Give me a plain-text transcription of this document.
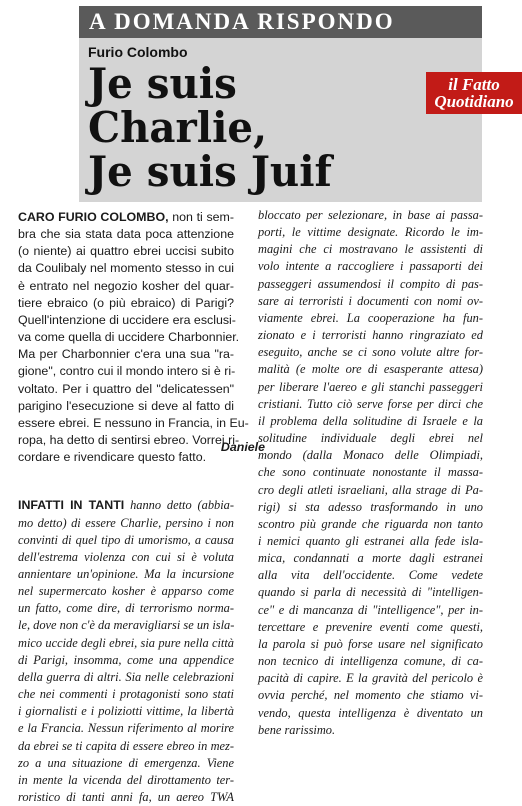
A DOMANDA RISPONDO
Furio Colombo
Je suis
Charlie,
Je suis Juif
il Fatto
Quotidiano
CARO FURIO COLOMBO, non ti sem-
bra che sia stata data poca attenzione
(o niente) ai quattro ebrei uccisi subito
da Coulibaly nel momento stesso in cui
è entrato nel negozio kosher del quar-
tiere ebraico (o più ebraico) di Parigi?
Quell'intenzione di uccidere era esclusi-
va come quella di uccidere Charbonnier.
Ma per Charbonnier c'era una sua "ra-
gione", contro cui il mondo intero si è ri-
voltato. Per i quattro del "delicatessen"
parigino l'esecuzione si deve al fatto di
essere ebrei. E nessuno in Francia, in Eu-
ropa, ha detto di sentirsi ebreo. Vorrei ri-
cordare e rivendicare questo fatto.
INFATTI IN TANTI hanno detto (abbia-
mo detto) di essere Charlie, persino i non
convinti di quel tipo di umorismo, a causa
dell'estrema violenza con cui si è voluta
annientare un'opinione. Ma la incursione
nel supermercato kosher è apparso come
un fatto, come dire, di terrorismo norma-
le, dove non c'è da meravigliarsi se un isla-
mico uccide degli ebrei, sia pure nella città
di Parigi, insomma, come una appendice
della guerra di altri. Sia nelle celebrazioni
che nei commenti i protagonisti sono stati
i giornalisti e i poliziotti vittime, la libertà
e la Francia. Nessun riferimento al morire
da ebrei se ti capita di essere ebreo in mez-
zo a una situazione di emergenza. Viene
in mente la vicenda del dirottamento ter-
roristico di tanti anni fa, un aereo TWA
Daniele
bloccato per selezionare, in base ai passa-
porti, le vittime designate. Ricordo le im-
magini che ci mostravano le assistenti di
volo intente a raccogliere i passaporti dei
passeggeri assumendosi il compito di pas-
sare ai terroristi i documenti con nomi ov-
viamente ebrei. La cooperazione ha fun-
zionato e i terroristi hanno ringraziato ed
eseguito, anche se ci sono volute altre for-
malità (e molte ore di esasperante attesa)
per liberare l'aereo e gli stanchi passeggeri
cristiani. Tutto ciò serve forse per dirci che
il problema della solitudine di Israele e la
solitudine individuale degli ebrei nel
mondo (dalla Monaco delle Olimpiadi,
che sono continuate nonostante il massa-
cro degli atleti israeliani, alla strage di Pa-
rigi) si sta adesso trasformando in uno
scontro più grande che riguarda non tanto
i nemici quanto gli estranei alla fede isla-
mica, condannati a morte dagli estranei
alla vita dell'occidente. Come vedete
quando si parla di necessità di "intelligen-
ce" e di mancanza di "intelligence", per in-
tercettare e prevenire eventi come questi,
la parola si può forse usare nel significato
non tecnico di intelligenza comune, di ca-
pacità di capire. E la gravità del pericolo è
ovvia perché, nel momento che stiamo vi-
vendo, questa intelligenza è diventato un
bene rarissimo.
